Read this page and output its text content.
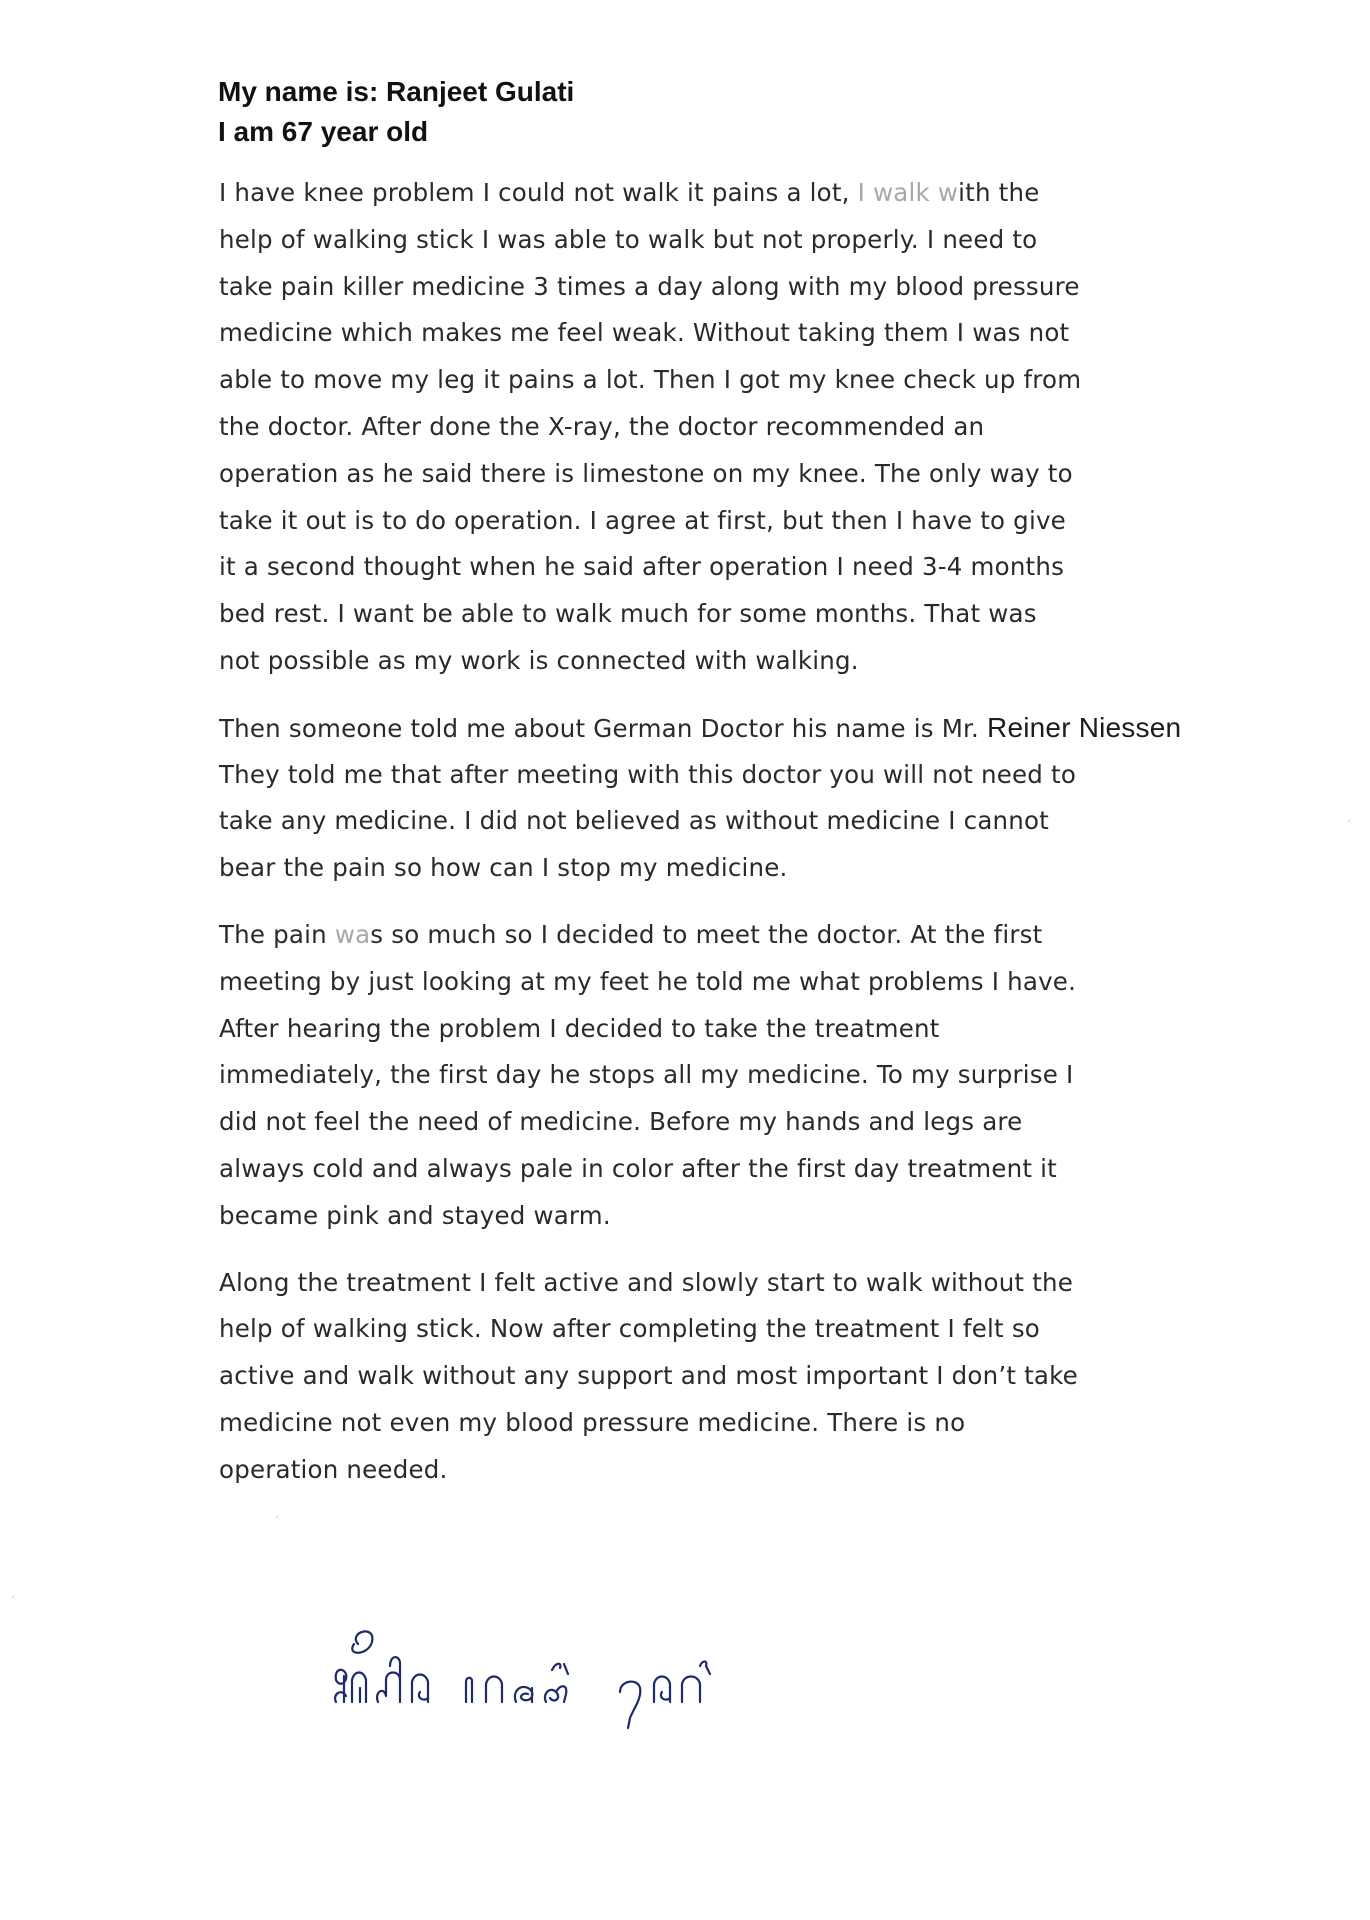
My name is: Ranjeet Gulati
I am 67 year old
I have knee problem I could not walk it pains a lot, I walk with the
help of walking stick I was able to walk but not properly. I need to
take pain killer medicine 3 times a day along with my blood pressure
medicine which makes me feel weak. Without taking them I was not
able to move my leg it pains a lot. Then I got my knee check up from
the doctor. After done the X-ray, the doctor recommended an
operation as he said there is limestone on my knee. The only way to
take it out is to do operation. I agree at first, but then I have to give
it a second thought when he said after operation I need 3-4 months
bed rest. I want be able to walk much for some months. That was
not possible as my work is connected with walking.
Then someone told me about German Doctor his name is Mr. Reiner Niessen
They told me that after meeting with this doctor you will not need to
take any medicine. I did not believed as without medicine I cannot
bear the pain so how can I stop my medicine.
The pain was so much so I decided to meet the doctor. At the first
meeting by just looking at my feet he told me what problems I have.
After hearing the problem I decided to take the treatment
immediately, the first day he stops all my medicine. To my surprise I
did not feel the need of medicine. Before my hands and legs are
always cold and always pale in color after the first day treatment it
became pink and stayed warm.
Along the treatment I felt active and slowly start to walk without the
help of walking stick. Now after completing the treatment I felt so
active and walk without any support and most important I don’t take
medicine not even my blood pressure medicine. There is no
operation needed.
